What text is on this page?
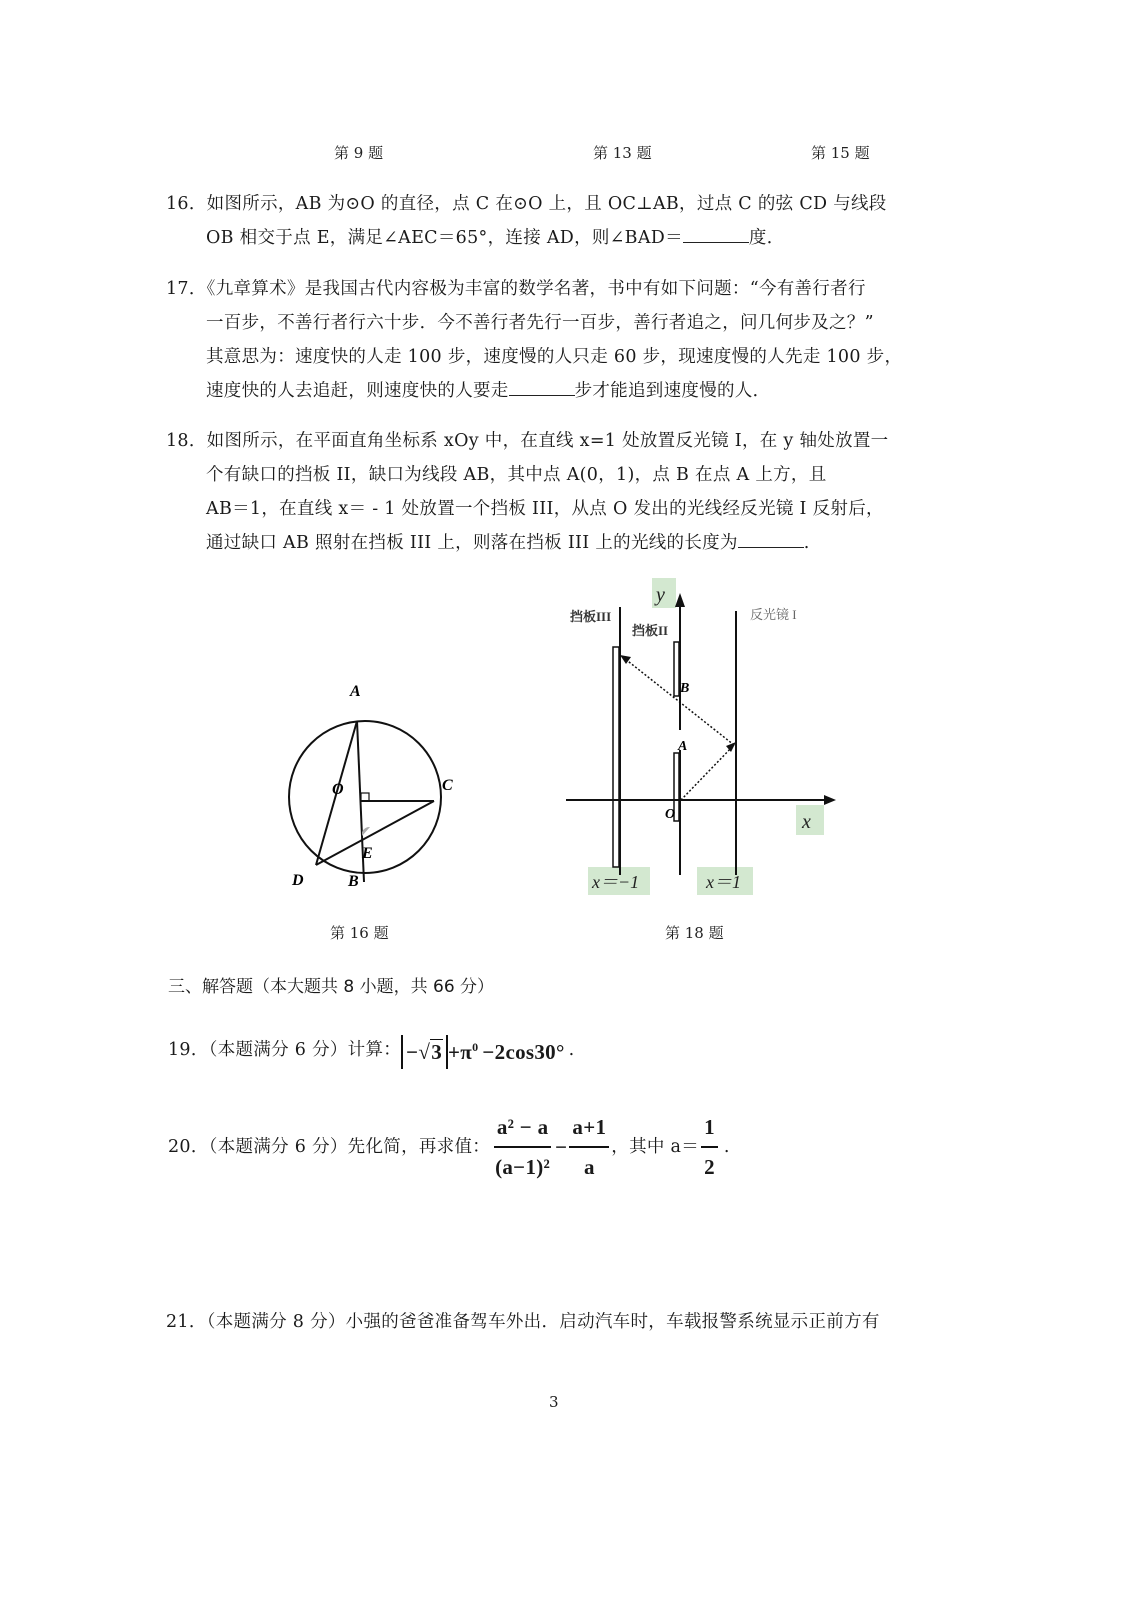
第 9 题	第 13 题	第 15 题
16．如图所示，AB 为⊙O 的直径，点 C 在⊙O 上，且 OC⊥AB，过点 C 的弦 CD 与线段
OB 相交于点 E，满足∠AEC＝65°，连接 AD，则∠BAD＝	度．
17．《九章算术》是我国古代内容极为丰富的数学名著，书中有如下问题：“今有善行者行
一百步，不善行者行六十步．今不善行者先行一百步，善行者追之，问几何步及之？”
其意思为：速度快的人走 100 步，速度慢的人只走 60 步，现速度慢的人先走 100 步，
速度快的人去追赶，则速度快的人要走	步才能追到速度慢的人．
18．如图所示，在平面直角坐标系 xOy 中，在直线 x=1 处放置反光镜 I，在 y 轴处放置一
个有缺口的挡板 II，缺口为线段 AB，其中点 A(0，1)，点 B 在点 A 上方，且
AB＝1，在直线 x＝ - 1 处放置一个挡板 III，从点 O 发出的光线经反光镜 I 反射后，
通过缺口 AB 照射在挡板 III 上，则落在挡板 III 上的光线的长度为	.
A
O	C
E
D	B
y
x
O
A
B
挡板III
挡板II
反光镜 I
x＝−1	x＝1
第 16 题	第 18 题
三、解答题（本大题共 8 小题，共 66 分）
19．（本题满分 6 分）计算： $-√3 +\pi^0 -2\cos 30^\circ$ .
20．（本题满分 6 分）先化简，再求值： $\frac{\text{a² − a}}{\text{(a−1)²}} - \frac{a+1}{a}$ ，其中 $a= \frac{1}{2}$ .
21．（本题满分 8 分）小强的爸爸准备驾车外出．启动汽车时，车载报警系统显示正前方有
3
